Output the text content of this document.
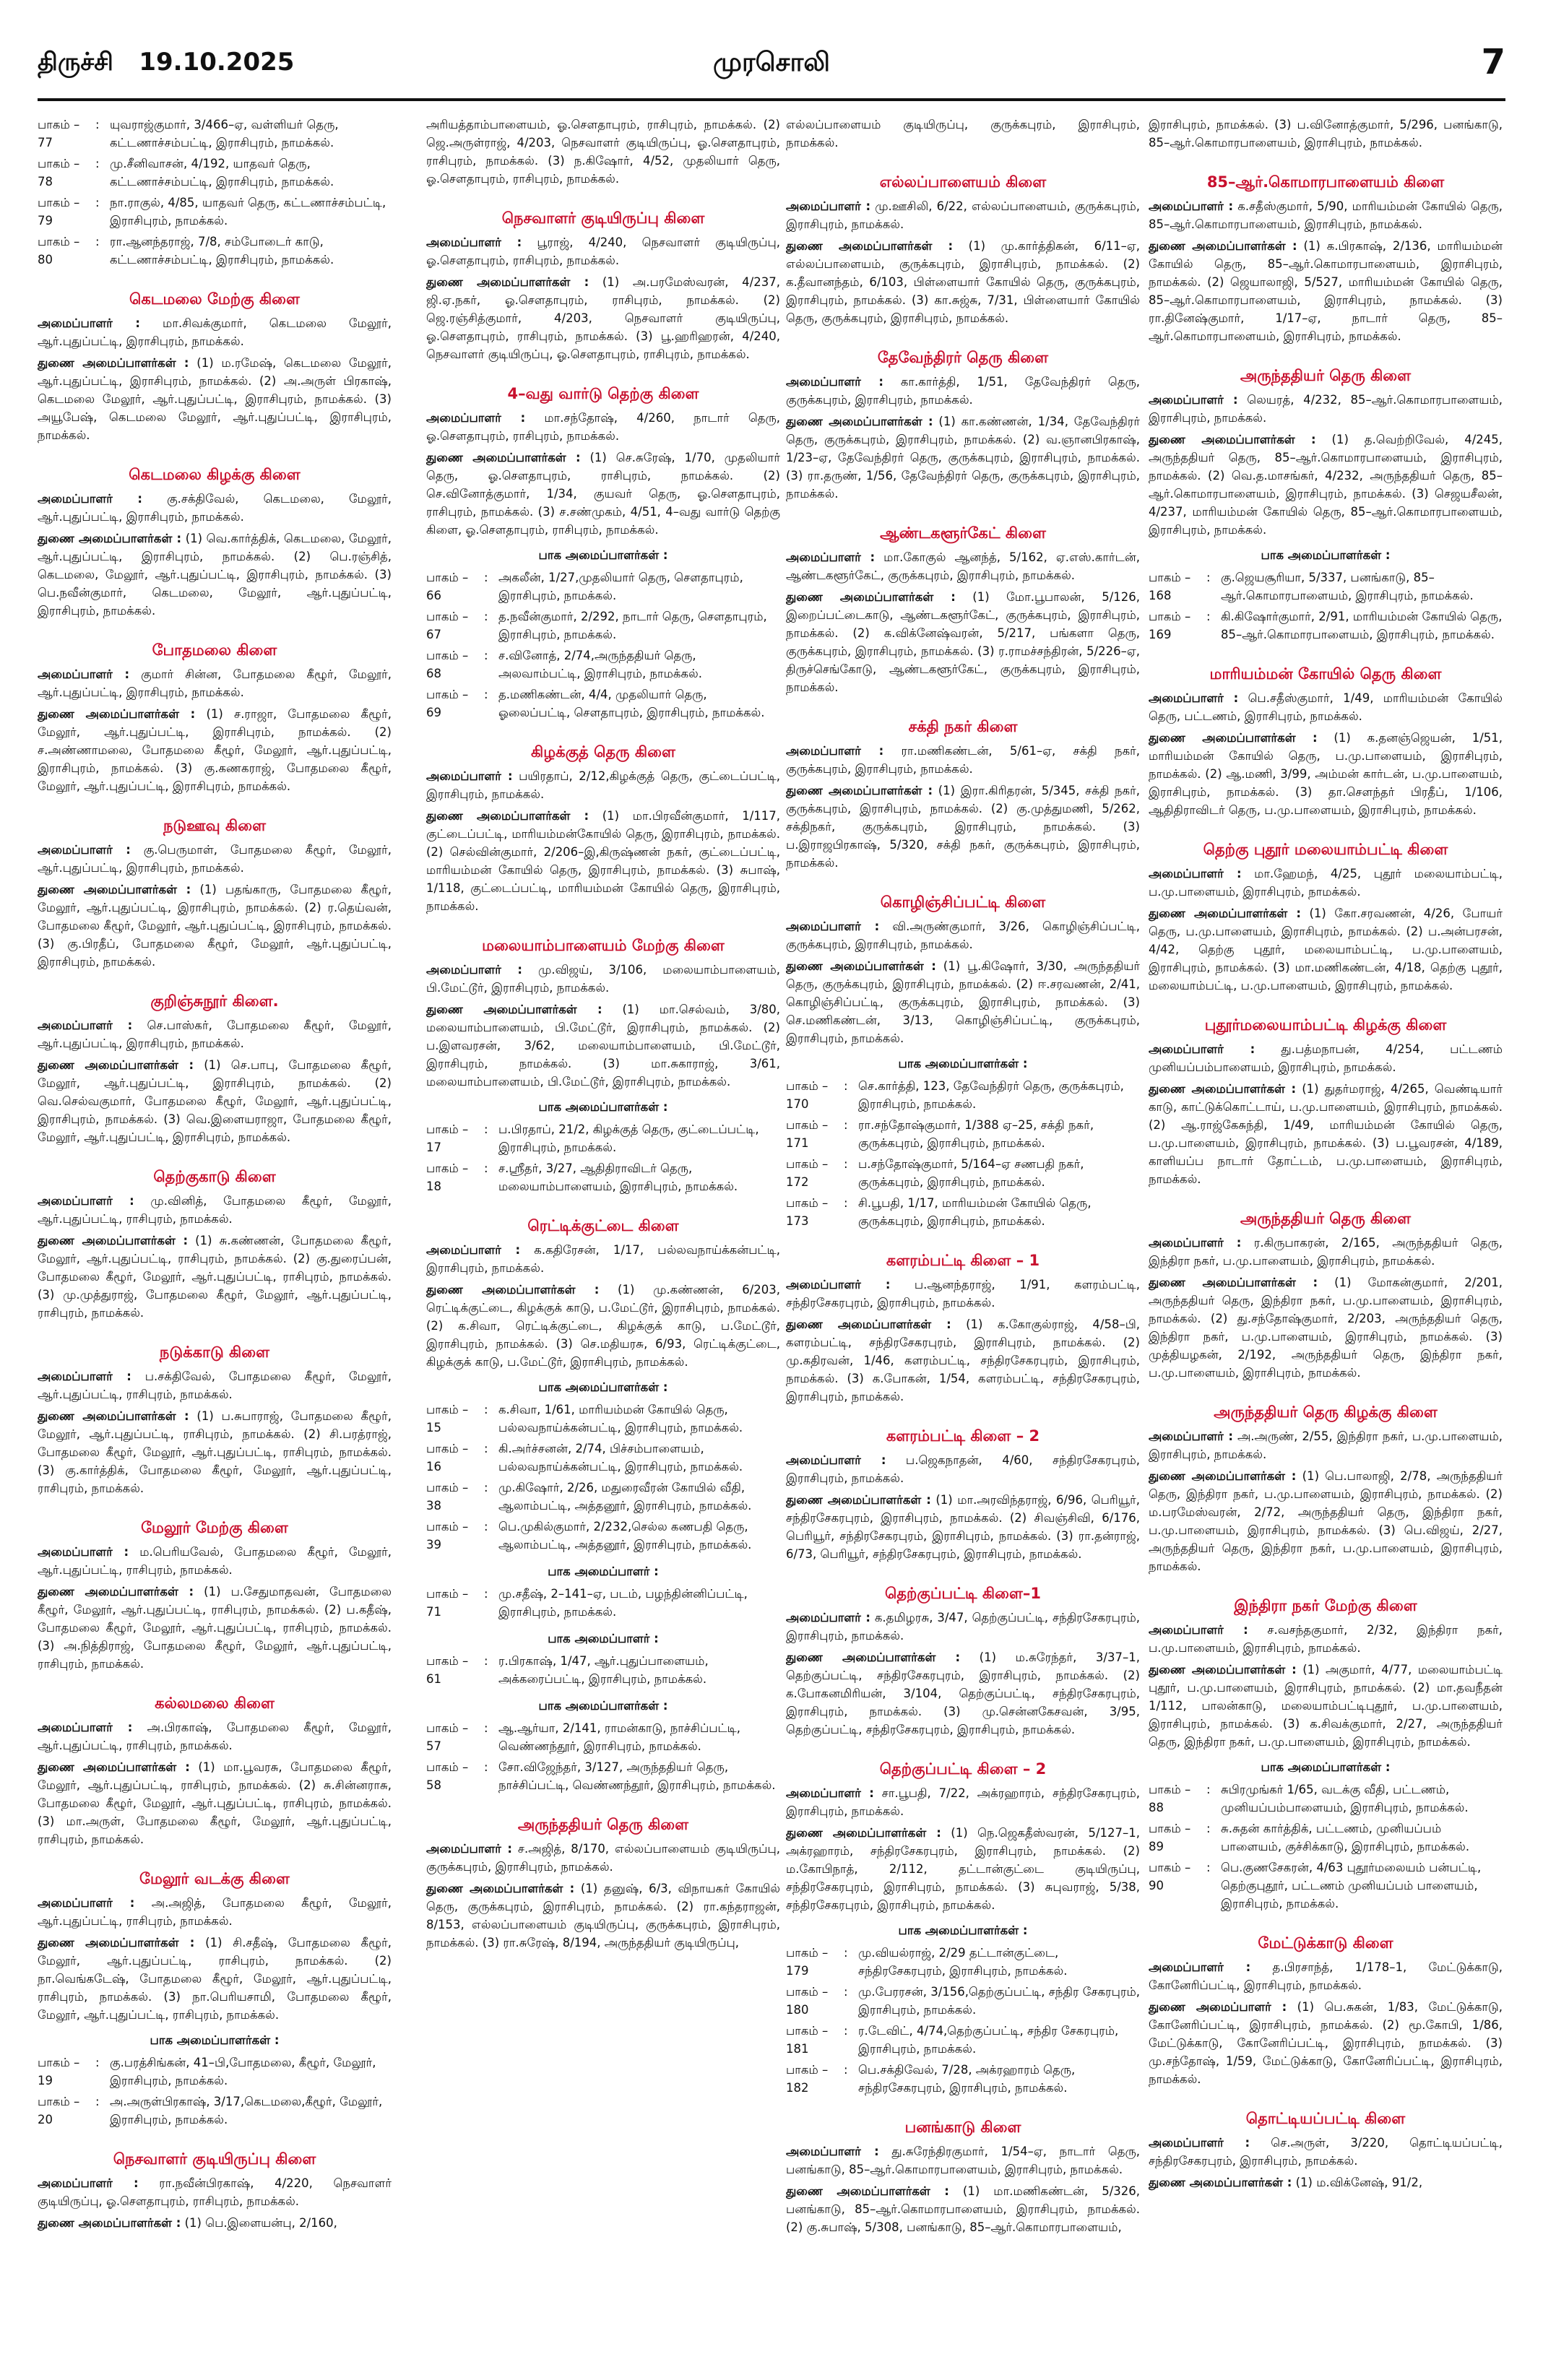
திருச்சி 19.10.2025	முரசொலி	7
பாகம் – 77
: யுவராஜ்குமார், 3/466–ஏ, வள்ளியர் தெரு, கட்டணாச்சம்பட்டி, இராசிபுரம், நாமக்கல்.
பாகம் – 78
: மு.சீனிவாசன், 4/192, யாதவர் தெரு, கட்டணாச்சம்பட்டி, இராசிபுரம், நாமக்கல்.
பாகம் – 79
: நா.ராகுல், 4/85, யாதவர் தெரு, கட்டணாச்சம்பட்டி, இராசிபுரம், நாமக்கல்.
பாகம் – 80
: ரா.ஆனந்தராஜ், 7/8, சம்போடைர் காடு, கட்டணாச்சம்பட்டி, இராசிபுரம், நாமக்கல்.
கெடமலை மேற்கு கிளை

அமைப்பாளர் : மா.சிவக்குமார், கெடமலை மேலூர், ஆர்.புதுப்பட்டி, இராசிபுரம், நாமக்கல்.

துணை அமைப்பாளர்கள் : (1) ம.ரமேஷ், கெடமலை மேலூர், ஆர்.புதுப்பட்டி, இராசிபுரம், நாமக்கல். (2) அ.அருள் பிரகாஷ், கெடமலை மேலூர், ஆர்.புதுப்பட்டி, இராசிபுரம், நாமக்கல். (3) அயூபேஷ், கெடமலை மேலூர், ஆர்.புதுப்பட்டி, இராசிபுரம், நாமக்கல்.

கெடமலை கிழக்கு கிளை

அமைப்பாளர் : கு.சக்திவேல், கெடமலை, மேலூர், ஆர்.புதுப்பட்டி, இராசிபுரம், நாமக்கல்.

துணை அமைப்பாளர்கள் : (1) வெ.கார்த்திக், கெடமலை, மேலூர், ஆர்.புதுப்பட்டி, இராசிபுரம், நாமக்கல். (2) பெ.ரஞ்சித், கெடமலை, மேலூர், ஆர்.புதுப்பட்டி, இராசிபுரம், நாமக்கல். (3) பெ.நவீன்குமார், கெடமலை, மேலூர், ஆர்.புதுப்பட்டி, இராசிபுரம், நாமக்கல்.

போதமலை கிளை

அமைப்பாளர் : குமார் சின்ன, போதமலை கீழூர், மேலூர், ஆர்.புதுப்பட்டி, இராசிபுரம், நாமக்கல்.

துணை அமைப்பாளர்கள் : (1) ச.ராஜா, போதமலை கீழூர், மேலூர், ஆர்.புதுப்பட்டி, இராசிபுரம், நாமக்கல். (2) ச.அண்ணாமலை, போதமலை கீழூர், மேலூர், ஆர்.புதுப்பட்டி, இராசிபுரம், நாமக்கல். (3) கு.கணகராஜ், போதமலை கீழூர், மேலூர், ஆர்.புதுப்பட்டி, இராசிபுரம், நாமக்கல்.

நடுஊவு கிளை

அமைப்பாளர் : கு.பெருமாள், போதமலை கீழூர், மேலூர், ஆர்.புதுப்பட்டி, இராசிபுரம், நாமக்கல்.

துணை அமைப்பாளர்கள் : (1) பதங்காரு, போதமலை கீழூர், மேலூர், ஆர்.புதுப்பட்டி, இராசிபுரம், நாமக்கல். (2) ர.தெய்வன், போதமலை கீழூர், மேலூர், ஆர்.புதுப்பட்டி, இராசிபுரம், நாமக்கல். (3) கு.பிரதீப், போதமலை கீழூர், மேலூர், ஆர்.புதுப்பட்டி, இராசிபுரம், நாமக்கல்.

குறிஞ்சுநூர் கிளை.

அமைப்பாளர் : செ.பாஸ்கர், போதமலை கீழூர், மேலூர், ஆர்.புதுப்பட்டி, இராசிபுரம், நாமக்கல்.

துணை அமைப்பாளர்கள் : (1) செ.பாபு, போதமலை கீழூர், மேலூர், ஆர்.புதுப்பட்டி, இராசிபுரம், நாமக்கல். (2) வெ.செல்வகுமார், போதமலை கீழூர், மேலூர், ஆர்.புதுப்பட்டி, இராசிபுரம், நாமக்கல். (3) வெ.இளையராஜா, போதமலை கீழூர், மேலூர், ஆர்.புதுப்பட்டி, இராசிபுரம், நாமக்கல்.

தெற்குகாடு கிளை

அமைப்பாளர் : மு.வினித், போதமலை கீழூர், மேலூர், ஆர்.புதுப்பட்டி, ராசிபுரம், நாமக்கல்.

துணை அமைப்பாளர்கள் : (1) சு.கண்ணன், போதமலை கீழூர், மேலூர், ஆர்.புதுப்பட்டி, ராசிபுரம், நாமக்கல். (2) கு.துரைப்பன், போதமலை கீழூர், மேலூர், ஆர்.புதுப்பட்டி, ராசிபுரம், நாமக்கல். (3) மு.முத்துராஜ், போதமலை கீழூர், மேலூர், ஆர்.புதுப்பட்டி, ராசிபுரம், நாமக்கல்.

நடுக்காடு கிளை

அமைப்பாளர் : ப.சக்திவேல், போதமலை கீழூர், மேலூர், ஆர்.புதுப்பட்டி, ராசிபுரம், நாமக்கல்.

துணை அமைப்பாளர்கள் : (1) ப.சுபாராஜ், போதமலை கீழூர், மேலூர், ஆர்.புதுப்பட்டி, ராசிபுரம், நாமக்கல். (2) சி.பரத்ராஜ், போதமலை கீழூர், மேலூர், ஆர்.புதுப்பட்டி, ராசிபுரம், நாமக்கல். (3) கு.கார்த்திக், போதமலை கீழூர், மேலூர், ஆர்.புதுப்பட்டி, ராசிபுரம், நாமக்கல்.

மேலூர் மேற்கு கிளை

அமைப்பாளர் : ம.பெரியவேல், போதமலை கீழூர், மேலூர், ஆர்.புதுப்பட்டி, ராசிபுரம், நாமக்கல்.

துணை அமைப்பாளர்கள் : (1) ப.சேதுமாதவன், போதமலை கீழூர், மேலூர், ஆர்.புதுப்பட்டி, ராசிபுரம், நாமக்கல். (2) ப.கதீஷ், போதமலை கீழூர், மேலூர், ஆர்.புதுப்பட்டி, ராசிபுரம், நாமக்கல். (3) அ.நித்திராஜ், போதமலை கீழூர், மேலூர், ஆர்.புதுப்பட்டி, ராசிபுரம், நாமக்கல்.

கல்லமலை கிளை

அமைப்பாளர் : அ.பிரகாஷ், போதமலை கீழூர், மேலூர், ஆர்.புதுப்பட்டி, ராசிபுரம், நாமக்கல்.

துணை அமைப்பாளர்கள் : (1) மா.பூவரசு, போதமலை கீழூர், மேலூர், ஆர்.புதுப்பட்டி, ராசிபுரம், நாமக்கல். (2) சு.சின்னராசு, போதமலை கீழூர், மேலூர், ஆர்.புதுப்பட்டி, ராசிபுரம், நாமக்கல். (3) மா.அருள், போதமலை கீழூர், மேலூர், ஆர்.புதுப்பட்டி, ராசிபுரம், நாமக்கல்.

மேலூர் வடக்கு கிளை

அமைப்பாளர் : அ.அஜித், போதமலை கீழூர், மேலூர், ஆர்.புதுப்பட்டி, ராசிபுரம், நாமக்கல்.

துணை அமைப்பாளர்கள் : (1) சி.சதீஷ், போதமலை கீழூர், மேலூர், ஆர்.புதுப்பட்டி, ராசிபுரம், நாமக்கல். (2) நா.வெங்கடேஷ், போதமலை கீழூர், மேலூர், ஆர்.புதுப்பட்டி, ராசிபுரம், நாமக்கல். (3) நா.பெரியசாமி, போதமலை கீழூர், மேலூர், ஆர்.புதுப்பட்டி, ராசிபுரம், நாமக்கல்.

பாக அமைப்பாளர்கள் :
பாகம் – 19
: கு.பரத்சிங்கன், 41–பி,போதமலை, கீழூர், மேலூர், இராசிபுரம், நாமக்கல்.
பாகம் – 20
: அ.அருள்பிரகாஷ், 3/17,கெடமலை,கீழூர், மேலூர், இராசிபுரம், நாமக்கல்.
நெசவாளர் குடியிருப்பு கிளை

அமைப்பாளர் : ரா.நவீன்பிரகாஷ், 4/220, நெசவாளர் குடியிருப்பு, ஓ.சௌதாபுரம், ராசிபுரம், நாமக்கல்.

துணை அமைப்பாளர்கள் : (1) பெ.இளையன்பு, 2/160,

அரியத்தாம்பாளையம், ஓ.சௌதாபுரம், ராசிபுரம், நாமக்கல். (2) ஜெ.அருள்ராஜ், 4/203, நெசவாளர் குடியிருப்பு, ஓ.சௌதாபுரம், ராசிபுரம், நாமக்கல். (3) ந.கிஷோர், 4/52, முதலியார் தெரு, ஓ.சௌதாபுரம், ராசிபுரம், நாமக்கல்.

நெசவாளர் குடியிருப்பு கிளை

அமைப்பாளர் : பூராஜ், 4/240, நெசவாளர் குடியிருப்பு, ஓ.சௌதாபுரம், ராசிபுரம், நாமக்கல்.

துணை அமைப்பாளர்கள் : (1) அ.பரமேஸ்வரன், 4/237, ஜி.ஏ.நகர், ஓ.சௌதாபுரம், ராசிபுரம், நாமக்கல். (2) ஜெ.ரஞ்சித்குமார், 4/203, நெசவாளர் குடியிருப்பு, ஓ.சௌதாபுரம், ராசிபுரம், நாமக்கல். (3) பூ.ஹரிஹரன், 4/240, நெசவாளர் குடியிருப்பு, ஓ.சௌதாபுரம், ராசிபுரம், நாமக்கல்.

4–வது வார்டு தெற்கு கிளை

அமைப்பாளர் : மா.சந்தோஷ், 4/260, நாடார் தெரு, ஓ.சௌதாபுரம், ராசிபுரம், நாமக்கல்.

துணை அமைப்பாளர்கள் : (1) செ.சுரேஷ், 1/70, முதலியார் தெரு, ஓ.சௌதாபுரம், ராசிபுரம், நாமக்கல். (2) செ.வினோத்குமார், 1/34, குயவர் தெரு, ஓ.சௌதாபுரம், ராசிபுரம், நாமக்கல். (3) ச.சண்முகம், 4/51, 4–வது வார்டு தெற்கு கிளை, ஓ.சௌதாபுரம், ராசிபுரம், நாமக்கல்.

பாக அமைப்பாளர்கள் :
பாகம் – 66
: அகலீன், 1/27,முதலியார் தெரு, சௌதாபுரம், இராசிபுரம், நாமக்கல்.
பாகம் – 67
: த.நவீன்குமார், 2/292, நாடார் தெரு, சௌதாபுரம், இராசிபுரம், நாமக்கல்.
பாகம் – 68
: ச.வினோத், 2/74,அருந்ததியர் தெரு, அலவாம்பட்டி, இராசிபுரம், நாமக்கல்.
பாகம் – 69
: த.மணிகண்டன், 4/4, முதலியார் தெரு, ஓலைப்பட்டி, சௌதாபுரம், இராசிபுரம், நாமக்கல்.
கிழக்குத் தெரு கிளை

அமைப்பாளர் : பயிரதாப், 2/12,கிழக்குத் தெரு, குட்டைப்பட்டி, இராசிபுரம், நாமக்கல்.

துணை அமைப்பாளர்கள் : (1) மா.பிரவீன்குமார், 1/117, குட்டைப்பட்டி, மாரியம்மன்கோயில் தெரு, இராசிபுரம், நாமக்கல். (2) செல்வின்குமார், 2/206–இ,கிருஷ்ணன் நகர், குட்டைப்பட்டி, மாரியம்மன் கோயில் தெரு, இராசிபுரம், நாமக்கல். (3) சுபாஷ், 1/118, குட்டைப்பட்டி, மாரியம்மன் கோயில் தெரு, இராசிபுரம், நாமக்கல்.

மலையாம்பாளையம் மேற்கு கிளை

அமைப்பாளர் : மு.விஜய், 3/106, மலையாம்பாளையம், பி.மேட்டூர், இராசிபுரம், நாமக்கல்.

துணை அமைப்பாளர்கள் : (1) மா.செல்வம், 3/80, மலையாம்பாளையம், பி.மேட்டூர், இராசிபுரம், நாமக்கல். (2) ப.இளவரசன், 3/62, மலையாம்பாளையம், பி.மேட்டூர், இராசிபுரம், நாமக்கல். (3) மா.சுகாராஜ், 3/61, மலையாம்பாளையம், பி.மேட்டூர், இராசிபுரம், நாமக்கல்.

பாக அமைப்பாளர்கள் :
பாகம் – 17
: ப.பிரதாப், 21/2, கிழக்குத் தெரு, குட்டைப்பட்டி, இராசிபுரம், நாமக்கல்.
பாகம் – 18
: ச.ஸ்ரீதர், 3/27, ஆதிதிராவிடர் தெரு, மலையாம்பாளையம், இராசிபுரம், நாமக்கல்.
ரெட்டிக்குட்டை கிளை

அமைப்பாளர் : க.கதிரேசன், 1/17, பல்லவநாய்க்கன்பட்டி, இராசிபுரம், நாமக்கல்.

துணை அமைப்பாளர்கள் : (1) மு.கண்ணன், 6/203, ரெட்டிக்குட்டை, கிழக்குக் காடு, ப.மேட்டூர், இராசிபுரம், நாமக்கல். (2) க.சிவா, ரெட்டிக்குட்டை, கிழக்குக் காடு, ப.மேட்டூர், இராசிபுரம், நாமக்கல். (3) செ.மதியரசு, 6/93, ரெட்டிக்குட்டை, கிழக்குக் காடு, ப.மேட்டூர், இராசிபுரம், நாமக்கல்.

பாக அமைப்பாளர்கள் :
பாகம் – 15
: க.சிவா, 1/61, மாரியம்மன் கோயில் தெரு, பல்லவநாய்க்கன்பட்டி, இராசிபுரம், நாமக்கல்.
பாகம் – 16
: கி.அர்ச்சனன், 2/74, பிச்சம்பாளையம், பல்லவநாய்க்கன்பட்டி, இராசிபுரம், நாமக்கல்.
பாகம் – 38
: மு.கிஷோர், 2/26, மதுரைவீரன் கோயில் வீதி, ஆலாம்பட்டி, அத்தனூர், இராசிபுரம், நாமக்கல்.
பாகம் – 39
: பெ.முகில்குமார், 2/232,செல்ல கணபதி தெரு, ஆலாம்பட்டி, அத்தனூர், இராசிபுரம், நாமக்கல்.
பாக அமைப்பாளர் :
பாகம் – 71
: மு.சதீஷ், 2–141–ஏ, படம், பழந்தின்னிப்பட்டி, இராசிபுரம், நாமக்கல்.
பாக அமைப்பாளர் :
பாகம் – 61
: ர.பிரகாஷ், 1/47, ஆர்.புதுப்பாளையம், அக்கரைப்பட்டி, இராசிபுரம், நாமக்கல்.
பாக அமைப்பாளர்கள் :
பாகம் – 57
: ஆ.ஆர்யா, 2/141, ராமன்காடு, நாச்சிப்பட்டி, வெண்ணந்தூர், இராசிபுரம், நாமக்கல்.
பாகம் – 58
: சோ.விஜேந்தர், 3/127, அருந்ததியர் தெரு, நாச்சிப்பட்டி, வெண்ணந்தூர், இராசிபுரம், நாமக்கல்.
அருந்ததியர் தெரு கிளை

அமைப்பாளர் : ச.அஜித், 8/170, எல்லப்பாளையம் குடியிருப்பு, குருக்கபுரம், இராசிபுரம், நாமக்கல்.

துணை அமைப்பாளர்கள் : (1) தனுஷ், 6/3, விநாயகர் கோயில் தெரு, குருக்கபுரம், இராசிபுரம், நாமக்கல். (2) ரா.கந்தராஜன், 8/153, எல்லப்பாளையம் குடியிருப்பு, குருக்கபுரம், இராசிபுரம், நாமக்கல். (3) ரா.சுரேஷ், 8/194, அருந்ததியர் குடியிருப்பு,

எல்லப்பாளையம் குடியிருப்பு, குருக்கபுரம், இராசிபுரம், நாமக்கல்.

எல்லப்பாளையம் கிளை

அமைப்பாளர் : மு.ஊசிலி, 6/22, எல்லப்பாளையம், குருக்கபுரம், இராசிபுரம், நாமக்கல்.

துணை அமைப்பாளர்கள் : (1) மு.கார்த்திகன், 6/11–ஏ, எல்லப்பாளையம், குருக்கபுரம், இராசிபுரம், நாமக்கல். (2) க.தீவானந்தம், 6/103, பிள்ளையார் கோயில் தெரு, குருக்கபுரம், இராசிபுரம், நாமக்கல். (3) கா.சுஜ்சு, 7/31, பிள்ளையார் கோயில் தெரு, குருக்கபுரம், இராசிபுரம், நாமக்கல்.

தேவேந்திரர் தெரு கிளை

அமைப்பாளர் : கா.கார்த்தி, 1/51, தேவேந்திரர் தெரு, குருக்கபுரம், இராசிபுரம், நாமக்கல்.

துணை அமைப்பாளர்கள் : (1) கா.கண்ணன், 1/34, தேவேந்திரர் தெரு, குருக்கபுரம், இராசிபுரம், நாமக்கல். (2) வ.ஞானபிரகாஷ், 1/23–ஏ, தேவேந்திரர் தெரு, குருக்கபுரம், இராசிபுரம், நாமக்கல். (3) ரா.தருண், 1/56, தேவேந்திரர் தெரு, குருக்கபுரம், இராசிபுரம், நாமக்கல்.

ஆண்டகளூர்கேட் கிளை

அமைப்பாளர் : மா.கோகுல் ஆனந்த், 5/162, ஏ.எஸ்.கார்டன், ஆண்டகளூர்கேட், குருக்கபுரம், இராசிபுரம், நாமக்கல்.

துணை அமைப்பாளர்கள் : (1) மோ.பூபாலன், 5/126, இறைப்பட்டைகாடு, ஆண்டகளூர்கேட், குருக்கபுரம், இராசிபுரம், நாமக்கல். (2) க.விக்னேஷ்வரன், 5/217, பங்களா தெரு, குருக்கபுரம், இராசிபுரம், நாமக்கல். (3) ர.ராமச்சந்திரன், 5/226–ஏ, திருச்செங்கோடு, ஆண்டகளூர்கேட், குருக்கபுரம், இராசிபுரம், நாமக்கல்.

சக்தி நகர் கிளை

அமைப்பாளர் : ரா.மணிகண்டன், 5/61–ஏ, சக்தி நகர், குருக்கபுரம், இராசிபுரம், நாமக்கல்.

துணை அமைப்பாளர்கள் : (1) இரா.கிரிதரன், 5/345, சக்தி நகர், குருக்கபுரம், இராசிபுரம், நாமக்கல். (2) கு.முத்துமணி, 5/262, சக்திநகர், குருக்கபுரம், இராசிபுரம், நாமக்கல். (3) ப.இராஜபிரகாஷ், 5/320, சக்தி நகர், குருக்கபுரம், இராசிபுரம், நாமக்கல்.

கொழிஞ்சிப்பட்டி கிளை

அமைப்பாளர் : வி.அருண்குமார், 3/26, கொழிஞ்சிப்பட்டி, குருக்கபுரம், இராசிபுரம், நாமக்கல்.

துணை அமைப்பாளர்கள் : (1) பூ.கிஷோர், 3/30, அருந்ததியர் தெரு, குருக்கபுரம், இராசிபுரம், நாமக்கல். (2) ஈ.சரவணன், 2/41, கொழிஞ்சிப்பட்டி, குருக்கபுரம், இராசிபுரம், நாமக்கல். (3) செ.மணிகண்டன், 3/13, கொழிஞ்சிப்பட்டி, குருக்கபுரம், இராசிபுரம், நாமக்கல்.

பாக அமைப்பாளர்கள் :
பாகம் – 170
: செ.கார்த்தி, 123, தேவேந்திரர் தெரு, குருக்கபுரம், இராசிபுரம், நாமக்கல்.
பாகம் – 171
: ரா.சந்தோஷ்குமார், 1/388 ஏ–25, சக்தி நகர், குருக்கபுரம், இராசிபுரம், நாமக்கல்.
பாகம் – 172
: ப.சந்தோஷ்குமார், 5/164–ஏ சணபதி நகர், குருக்கபுரம், இராசிபுரம், நாமக்கல்.
பாகம் – 173
: சி.பூபதி, 1/17, மாரியம்மன் கோயில் தெரு, குருக்கபுரம், இராசிபுரம், நாமக்கல்.
களரம்பட்டி கிளை – 1

அமைப்பாளர் : ப.ஆனந்தராஜ், 1/91, களரம்பட்டி, சந்திரசேகரபுரம், இராசிபுரம், நாமக்கல்.

துணை அமைப்பாளர்கள் : (1) க.கோகுல்ராஜ், 4/58–பி, களரம்பட்டி, சந்திரசேகரபுரம், இராசிபுரம், நாமக்கல். (2) மு.கதிரவன், 1/46, களரம்பட்டி, சந்திரசேகரபுரம், இராசிபுரம், நாமக்கல். (3) க.போகன், 1/54, களரம்பட்டி, சந்திரசேகரபுரம், இராசிபுரம், நாமக்கல்.

களரம்பட்டி கிளை – 2

அமைப்பாளர் : ப.ஜெகநாதன், 4/60, சந்திரசேகரபுரம், இராசிபுரம், நாமக்கல்.

துணை அமைப்பாளர்கள் : (1) மா.அரவிந்தராஜ், 6/96, பெரியூர், சந்திரசேகரபுரம், இராசிபுரம், நாமக்கல். (2) சிவஞ்சிவி, 6/176, பெரியூர், சந்திரசேகரபுரம், இராசிபுரம், நாமக்கல். (3) ரா.தன்ராஜ், 6/73, பெரியூர், சந்திரசேகரபுரம், இராசிபுரம், நாமக்கல்.

தெற்குப்பட்டி கிளை–1

அமைப்பாளர் : க.தமிழரசு, 3/47, தெற்குப்பட்டி, சந்திரசேகரபுரம், இராசிபுரம், நாமக்கல்.

துணை அமைப்பாளர்கள் : (1) ம.சுரேந்தர், 3/37–1, தெற்குப்பட்டி, சந்திரசேகரபுரம், இராசிபுரம், நாமக்கல். (2) க.போகனமிரியன், 3/104, தெற்குப்பட்டி, சந்திரசேகரபுரம், இராசிபுரம், நாமக்கல். (3) மு.சென்னகேசவன், 3/95, தெற்குப்பட்டி, சந்திரசேகரபுரம், இராசிபுரம், நாமக்கல்.

தெற்குப்பட்டி கிளை – 2

அமைப்பாளர் : சா.பூபதி, 7/22, அக்ரஹாரம், சந்திரசேகரபுரம், இராசிபுரம், நாமக்கல்.

துணை அமைப்பாளர்கள் : (1) நெ.ஜெகதீஸ்வரன், 5/127–1, அக்ரஹாரம், சந்திரசேகரபுரம், இராசிபுரம், நாமக்கல். (2) ம.கோபிநாத், 2/112, தட்டான்குட்டை குடியிருப்பு, சந்திரசேகரபுரம், இராசிபுரம், நாமக்கல். (3) சுபுவராஜ், 5/38, சந்திரசேகரபுரம், இராசிபுரம், நாமக்கல்.

பாக அமைப்பாளர்கள் :
பாகம் – 179
: மு.வியல்ராஜ், 2/29 தட்டான்குட்டை, சந்திரசேகரபுரம், இராசிபுரம், நாமக்கல்.
பாகம் – 180
: மு.பேரரசன், 3/156,தெற்குப்பட்டி, சந்திர சேகரபுரம், இராசிபுரம், நாமக்கல்.
பாகம் – 181
: ர.டேவிட், 4/74,தெற்குப்பட்டி, சந்திர சேகரபுரம், இராசிபுரம், நாமக்கல்.
பாகம் – 182
: பெ.சக்திவேல், 7/28, அக்ரஹாரம் தெரு, சந்திரசேகரபுரம், இராசிபுரம், நாமக்கல்.
பனங்காடு கிளை

அமைப்பாளர் : து.சுரேந்திரகுமார், 1/54–ஏ, நாடார் தெரு, பனங்காடு, 85–ஆர்.கொமாரபாளையம், இராசிபுரம், நாமக்கல்.

துணை அமைப்பாளர்கள் : (1) மா.மணிகண்டன், 5/326, பனங்காடு, 85–ஆர்.கொமாரபாளையம், இராசிபுரம், நாமக்கல். (2) கு.சுபாஷ், 5/308, பனங்காடு, 85–ஆர்.கொமாரபாளையம்,

இராசிபுரம், நாமக்கல். (3) ப.வினோத்குமார், 5/296, பனங்காடு, 85–ஆர்.கொமாரபாளையம், இராசிபுரம், நாமக்கல்.

85–ஆர்.கொமாரபாளையம் கிளை

அமைப்பாளர் : க.சதீஸ்குமார், 5/90, மாரியம்மன் கோயில் தெரு, 85–ஆர்.கொமாரபாளையம், இராசிபுரம், நாமக்கல்.

துணை அமைப்பாளர்கள் : (1) க.பிரகாஷ், 2/136, மாரியம்மன் கோயில் தெரு, 85–ஆர்.கொமாரபாளையம், இராசிபுரம், நாமக்கல். (2) ஜெயாலாஜி, 5/527, மாரியம்மன் கோயில் தெரு, 85–ஆர்.கொமாரபாளையம், இராசிபுரம், நாமக்கல். (3) ரா.தினேஷ்குமார், 1/17–ஏ, நாடார் தெரு, 85–ஆர்.கொமாரபாளையம், இராசிபுரம், நாமக்கல்.

அருந்ததியர் தெரு கிளை

அமைப்பாளர் : லெயரத், 4/232, 85–ஆர்.கொமாரபாளையம், இராசிபுரம், நாமக்கல்.

துணை அமைப்பாளர்கள் : (1) த.வெற்றிவேல், 4/245, அருந்ததியர் தெரு, 85–ஆர்.கொமாரபாளையம், இராசிபுரம், நாமக்கல். (2) வெ.த.மாசங்கர், 4/232, அருந்ததியர் தெரு, 85–ஆர்.கொமாரபாளையம், இராசிபுரம், நாமக்கல். (3) செஜயசீலன், 4/237, மாரியம்மன் கோயில் தெரு, 85–ஆர்.கொமாரபாளையம், இராசிபுரம், நாமக்கல்.

பாக அமைப்பாளர்கள் :
பாகம் – 168
: கு.ஜெயசூரியா, 5/337, பனங்காடு, 85–ஆர்.கொமாரபாளையம், இராசிபுரம், நாமக்கல்.
பாகம் – 169
: கி.கிஷோர்குமார், 2/91, மாரியம்மன் கோயில் தெரு, 85–ஆர்.கொமாரபாளையம், இராசிபுரம், நாமக்கல்.
மாரியம்மன் கோயில் தெரு கிளை

அமைப்பாளர் : பெ.சதீஸ்குமார், 1/49, மாரியம்மன் கோயில் தெரு, பட்டணம், இராசிபுரம், நாமக்கல்.

துணை அமைப்பாளர்கள் : (1) க.தனஞ்ஜெயன், 1/51, மாரியம்மன் கோயில் தெரு, ப.மு.பாளையம், இராசிபுரம், நாமக்கல். (2) ஆ.மணி, 3/99, அம்மன் கார்டன், ப.மு.பாளையம், இராசிபுரம், நாமக்கல். (3) தா.சௌந்தர் பிரதீப், 1/106, ஆதிதிராவிடர் தெரு, ப.மு.பாளையம், இராசிபுரம், நாமக்கல்.

தெற்கு புதூர் மலையாம்பட்டி கிளை

அமைப்பாளர் : மா.ஹேமந், 4/25, புதூர் மலையாம்பட்டி, ப.மு.பாளையம், இராசிபுரம், நாமக்கல்.

துணை அமைப்பாளர்கள் : (1) கோ.சரவணன், 4/26, போயர் தெரு, ப.மு.பாளையம், இராசிபுரம், நாமக்கல். (2) ப.அன்பரசன், 4/42, தெற்கு புதூர், மலையாம்பட்டி, ப.மு.பாளையம், இராசிபுரம், நாமக்கல். (3) மா.மணிகண்டன், 4/18, தெற்கு புதூர், மலையாம்பட்டி, ப.மு.பாளையம், இராசிபுரம், நாமக்கல்.

புதூர்மலையாம்பட்டி கிழக்கு கிளை

அமைப்பாளர் : து.பத்மநாபன், 4/254, பட்டணம் முனியப்பம்பாளையம், இராசிபுரம், நாமக்கல்.

துணை அமைப்பாளர்கள் : (1) துதர்மராஜ், 4/265, வெண்டியார் காடு, காட்டுக்கொட்டாய், ப.மு.பாளையம், இராசிபுரம், நாமக்கல். (2) ஆ.ராஜ்கேசுந்தி, 1/49, மாரியம்மன் கோயில் தெரு, ப.மு.பாளையம், இராசிபுரம், நாமக்கல். (3) ப.பூவரசன், 4/189, காளியப்ப நாடார் தோட்டம், ப.மு.பாளையம், இராசிபுரம், நாமக்கல்.

அருந்ததியர் தெரு கிளை

அமைப்பாளர் : ர.கிருபாகரன், 2/165, அருந்ததியர் தெரு, இந்திரா நகர், ப.மு.பாளையம், இராசிபுரம், நாமக்கல்.

துணை அமைப்பாளர்கள் : (1) மோகன்குமார், 2/201, அருந்ததியர் தெரு, இந்திரா நகர், ப.மு.பாளையம், இராசிபுரம், நாமக்கல். (2) து.சந்தோஷ்குமார், 2/203, அருந்ததியர் தெரு, இந்திரா நகர், ப.மு.பாளையம், இராசிபுரம், நாமக்கல். (3) முத்தியழகன், 2/192, அருந்ததியர் தெரு, இந்திரா நகர், ப.மு.பாளையம், இராசிபுரம், நாமக்கல்.

அருந்ததியர் தெரு கிழக்கு கிளை

அமைப்பாளர் : அ.அருண், 2/55, இந்திரா நகர், ப.மு.பாளையம், இராசிபுரம், நாமக்கல்.

துணை அமைப்பாளர்கள் : (1) பெ.பாலாஜி, 2/78, அருந்ததியர் தெரு, இந்திரா நகர், ப.மு.பாளையம், இராசிபுரம், நாமக்கல். (2) ம.பரமேஸ்வரன், 2/72, அருந்ததியர் தெரு, இந்திரா நகர், ப.மு.பாளையம், இராசிபுரம், நாமக்கல். (3) பெ.விஜய், 2/27, அருந்ததியர் தெரு, இந்திரா நகர், ப.மு.பாளையம், இராசிபுரம், நாமக்கல்.

இந்திரா நகர் மேற்கு கிளை

அமைப்பாளர் : ச.வசந்தகுமார், 2/32, இந்திரா நகர், ப.மு.பாளையம், இராசிபுரம், நாமக்கல்.

துணை அமைப்பாளர்கள் : (1) அகுமார், 4/77, மலையாம்பட்டி புதூர், ப.மு.பாளையம், இராசிபுரம், நாமக்கல். (2) மா.தவநீதன் 1/112, பாலன்காடு, மலையாம்பட்டிபுதூர், ப.மு.பாளையம், இராசிபுரம், நாமக்கல். (3) க.சிவக்குமார், 2/27, அருந்ததியர் தெரு, இந்திரா நகர், ப.மு.பாளையம், இராசிபுரம், நாமக்கல்.

பாக அமைப்பாளர்கள் :
பாகம் – 88
: சுபிரமுங்கர் 1/65, வடக்கு வீதி, பட்டணம், முனியப்பம்பாளையம், இராசிபுரம், நாமக்கல்.
பாகம் – 89
: சு.சுதன் கார்த்திக், பட்டணம், முனியப்பம் பாளையம், குச்சிக்காடு, இராசிபுரம், நாமக்கல்.
பாகம் – 90
: பெ.குணசேகரன், 4/63 புதூர்மலையம் பன்பட்டி, தெற்குபுதூர், பட்டணம் முனியப்பம் பாளையம், இராசிபுரம், நாமக்கல்.
மேட்டுக்காடு கிளை

அமைப்பாளர் : த.பிரசாந்த், 1/178–1, மேட்டுக்காடு, கோனேரிப்பட்டி, இராசிபுரம், நாமக்கல்.

துணை அமைப்பாளர் : (1) பெ.சுகன், 1/83, மேட்டுக்காடு, கோனேரிப்பட்டி, இராசிபுரம், நாமக்கல். (2) மூ.கோபி, 1/86, மேட்டுக்காடு, கோனேரிப்பட்டி, இராசிபுரம், நாமக்கல். (3) மு.சந்தோஷ், 1/59, மேட்டுக்காடு, கோனேரிப்பட்டி, இராசிபுரம், நாமக்கல்.

தொட்டியப்பட்டி கிளை

அமைப்பாளர் : செ.அருள், 3/220, தொட்டியப்பட்டி, சந்திரசேகரபுரம், இராசிபுரம், நாமக்கல்.

துணை அமைப்பாளர்கள் : (1) ம.விக்னேஷ், 91/2,
